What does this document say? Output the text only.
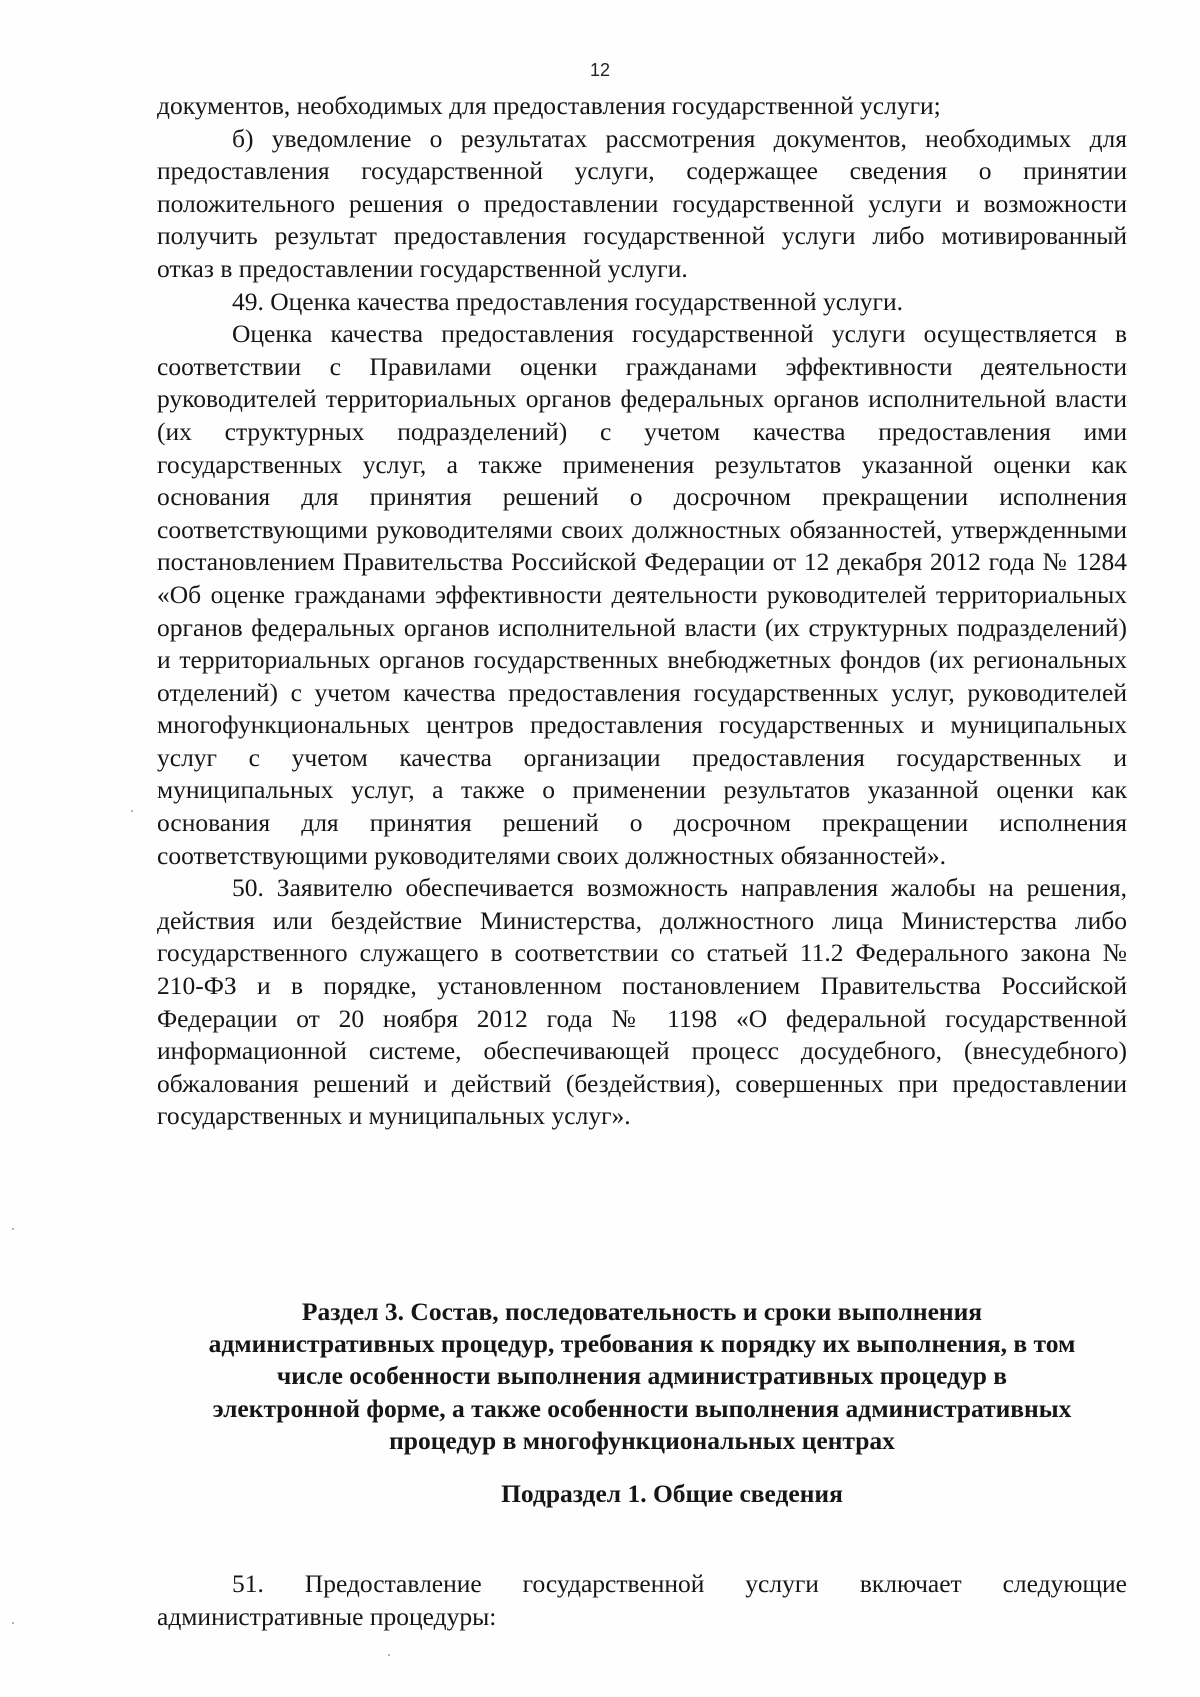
12

документов, необходимых для предоставления государственной услуги;

б) уведомление о результатах рассмотрения документов, необходимых для предоставления государственной услуги, содержащее сведения о принятии положительного решения о предоставлении государственной услуги и возможности получить результат предоставления государственной услуги либо мотивированный отказ в предоставлении государственной услуги.

49. Оценка качества предоставления государственной услуги.

Оценка качества предоставления государственной услуги осуществляется в соответствии с Правилами оценки гражданами эффективности деятельности руководителей территориальных органов федеральных органов исполнительной власти (их структурных подразделений) с учетом качества предоставления ими государственных услуг, а также применения результатов указанной оценки как основания для принятия решений о досрочном прекращении исполнения соответствующими руководителями своих должностных обязанностей, утвержденными постановлением Правительства Российской Федерации от 12 декабря 2012 года № 1284 «Об оценке гражданами эффективности деятельности руководителей территориальных органов федеральных органов исполнительной власти (их структурных подразделений) и территориальных органов государственных внебюджетных фондов (их региональных отделений) с учетом качества предоставления государственных услуг, руководителей многофункциональных центров предоставления государственных и муниципальных услуг с учетом качества организации предоставления государственных и муниципальных услуг, а также о применении результатов указанной оценки как основания для принятия решений о досрочном прекращении исполнения соответствующими руководителями своих должностных обязанностей».

50. Заявителю обеспечивается возможность направления жалобы на решения, действия или бездействие Министерства, должностного лица Министерства либо государственного служащего в соответствии со статьей 11.2 Федерального закона № 210-ФЗ и в порядке, установленном постановлением Правительства Российской Федерации от 20 ноября 2012 года № 1198 «О федеральной государственной информационной системе, обеспечивающей процесс досудебного, (внесудебного) обжалования решений и действий (бездействия), совершенных при предоставлении государственных и муниципальных услуг».

Раздел 3. Состав, последовательность и сроки выполнения
административных процедур, требования к порядку их выполнения, в том
числе особенности выполнения административных процедур в
электронной форме, а также особенности выполнения административных
процедур в многофункциональных центрах
Подраздел 1. Общие сведения

51. Предоставление государственной услуги включает следующие административные процедуры:
